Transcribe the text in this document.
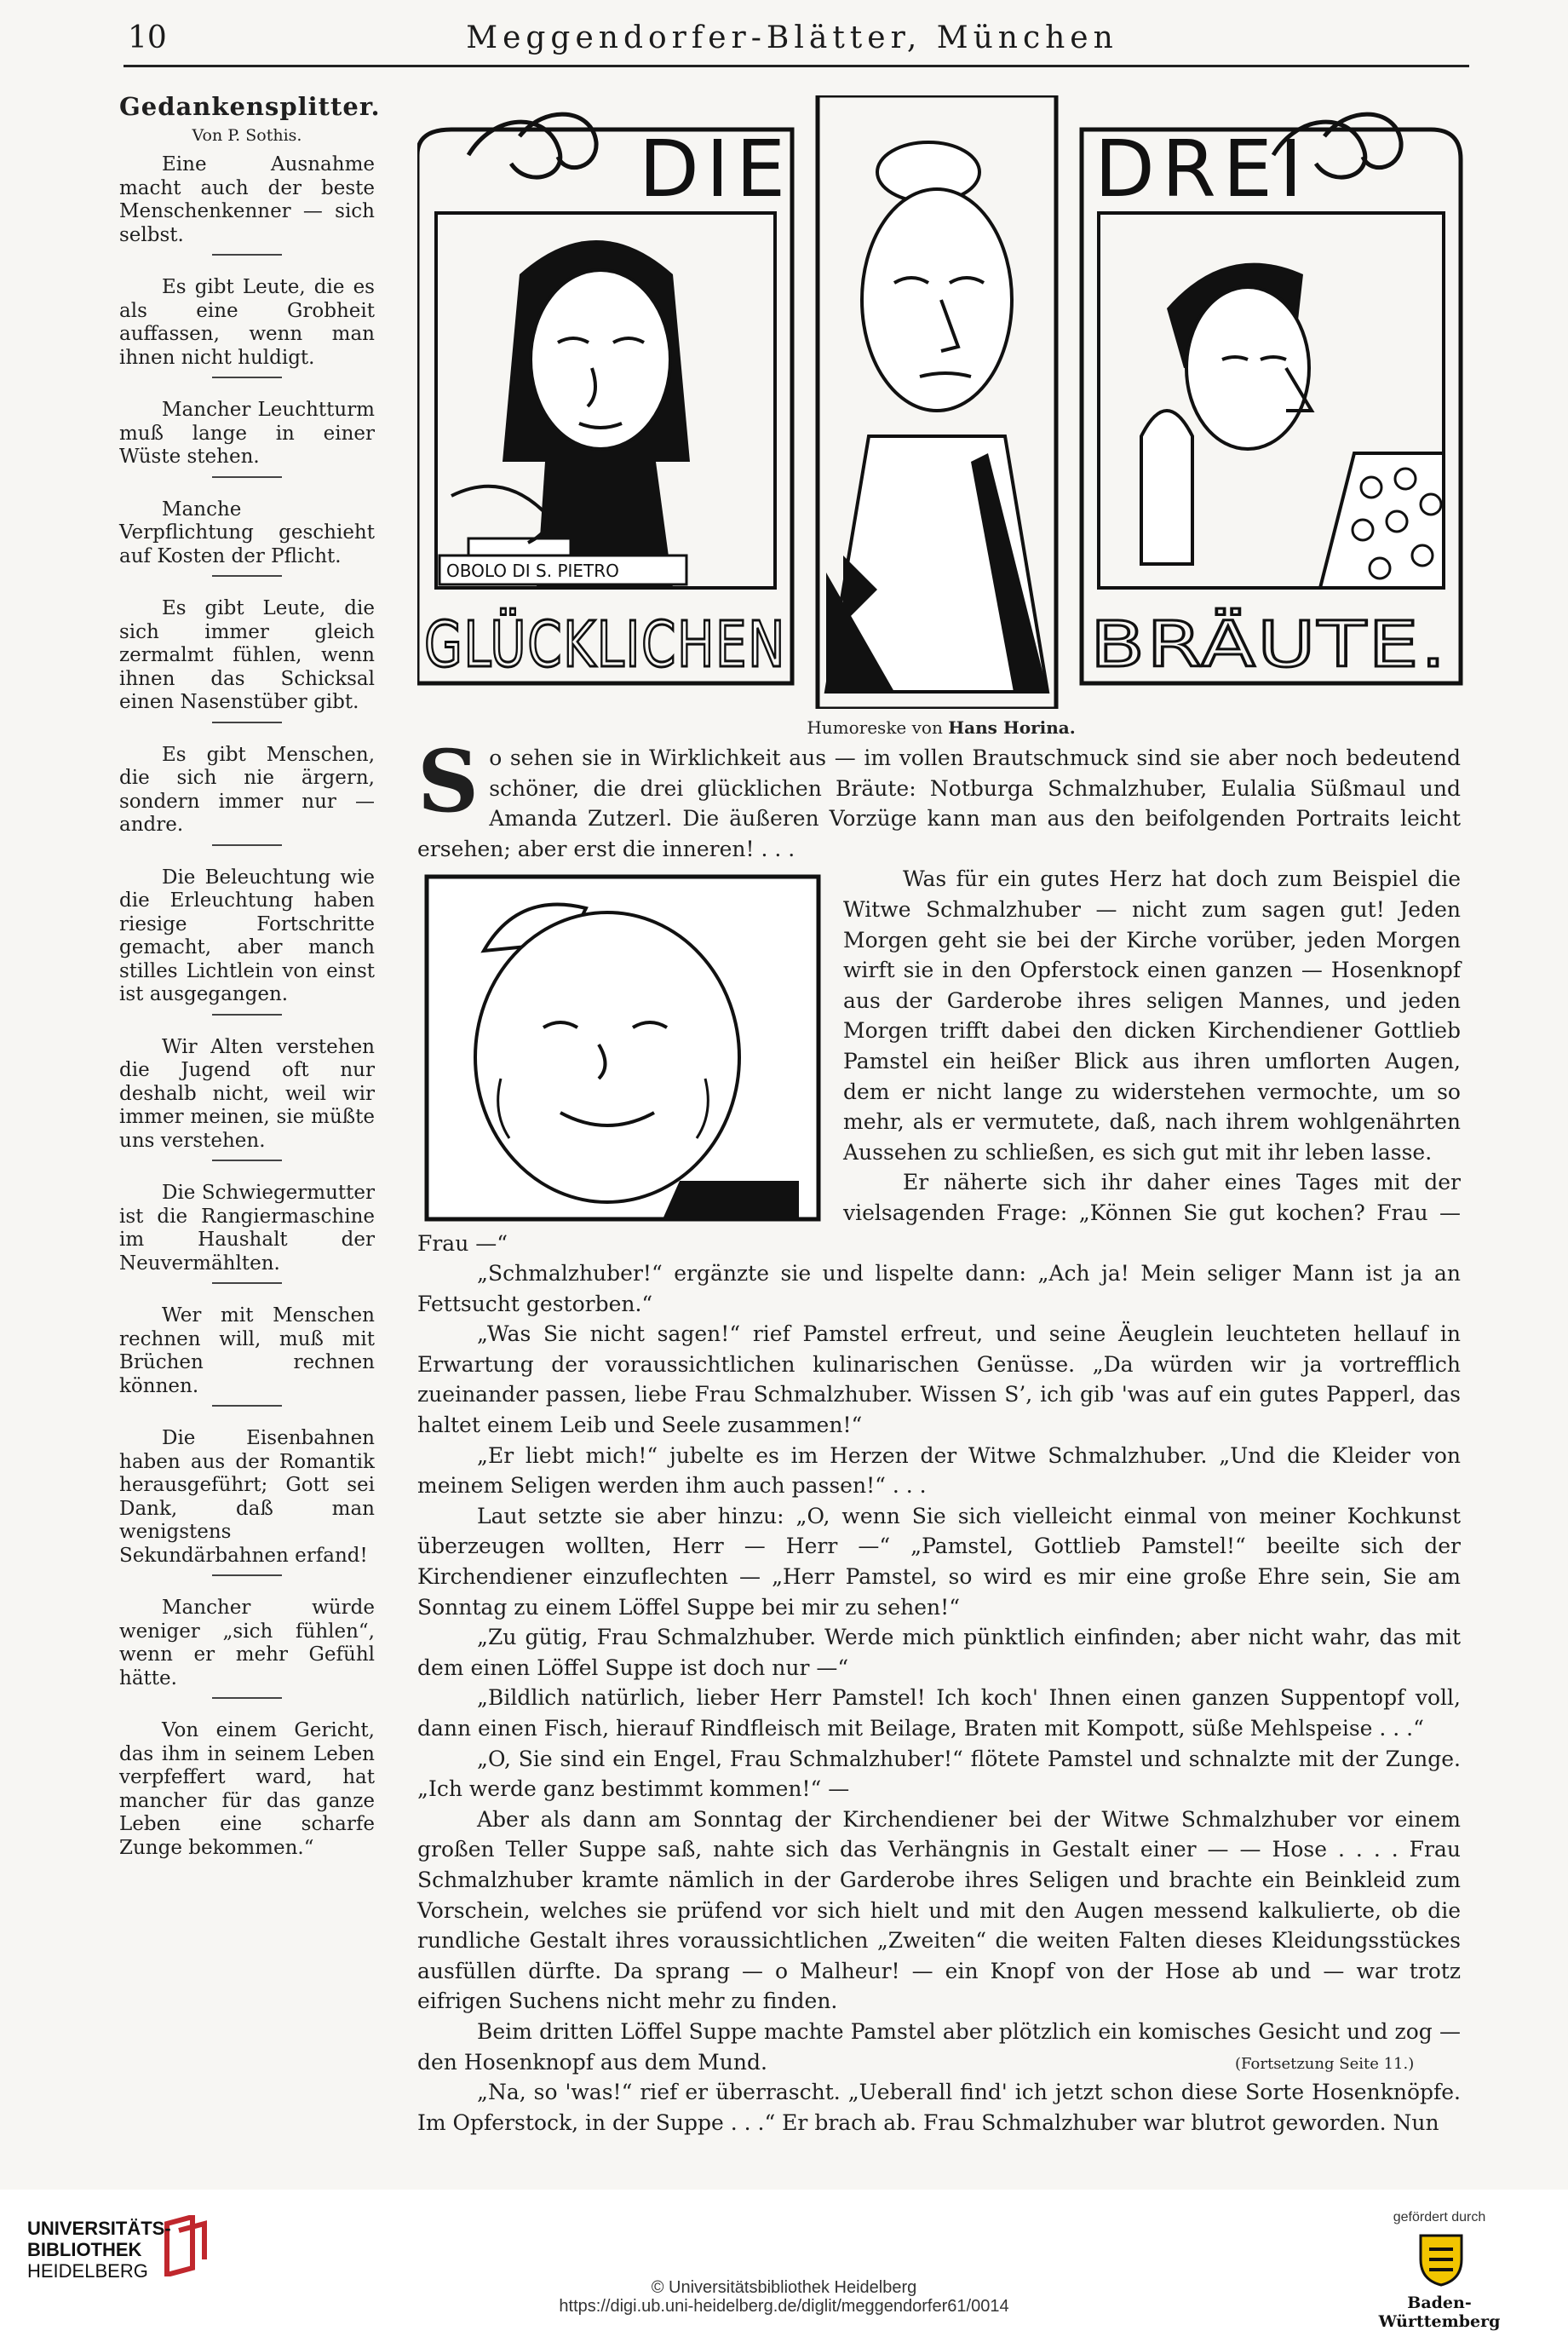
10	Meggendorfer-Blätter, München
Gedankensplitter.
Von P. Sothis.

Eine Ausnahme macht auch der beste Menschenkenner — sich selbst.

Es gibt Leute, die es als eine Grobheit auffassen, wenn man ihnen nicht huldigt.

Mancher Leuchtturm muß lange in einer Wüste stehen.

Manche Verpflichtung geschieht auf Kosten der Pflicht.

Es gibt Leute, die sich immer gleich zermalmt fühlen, wenn ihnen das Schicksal einen Nasenstüber gibt.

Es gibt Menschen, die sich nie ärgern, sondern immer nur — andre.

Die Beleuchtung wie die Erleuchtung haben riesige Fortschritte gemacht, aber manch stilles Lichtlein von einst ist ausgegangen.

Wir Alten verstehen die Jugend oft nur deshalb nicht, weil wir immer meinen, sie müßte uns verstehen.

Die Schwiegermutter ist die Rangiermaschine im Haushalt der Neuvermählten.

Wer mit Menschen rechnen will, muß mit Brüchen rechnen können.

Die Eisenbahnen haben aus der Romantik herausgeführt; Gott sei Dank, daß man wenigstens Sekundärbahnen erfand!

Mancher würde weniger „sich fühlen“, wenn er mehr Gefühl hätte.

Von einem Gericht, das ihm in seinem Leben verpfeffert ward, hat mancher für das ganze Leben eine scharfe Zunge bekommen.“

DIE	DREI
GLÜCKLICHEN	BRÄUTE.
OBOLO DI S. PIETRO
Humoreske von Hans Horina.

S o sehen sie in Wirklichkeit aus — im vollen Brautschmuck sind sie aber noch bedeutend schöner, die drei glücklichen Bräute: Notburga Schmalzhuber, Eulalia Süßmaul und Amanda Zutzerl. Die äußeren Vorzüge kann man aus den beifolgenden Portraits leicht ersehen; aber erst die inneren! . . .

Was für ein gutes Herz hat doch zum Beispiel die Witwe Schmalzhuber — nicht zum sagen gut! Jeden Morgen geht sie bei der Kirche vorüber, jeden Morgen wirft sie in den Opferstock einen ganzen — Hosenknopf aus der Garderobe ihres seligen Mannes, und jeden Morgen trifft dabei den dicken Kirchendiener Gottlieb Pamstel ein heißer Blick aus ihren umflorten Augen, dem er nicht lange zu widerstehen vermochte, um so mehr, als er vermutete, daß, nach ihrem wohlgenährten Aussehen zu schließen, es sich gut mit ihr leben lasse.

Er näherte sich ihr daher eines Tages mit der vielsagenden Frage: „Können Sie gut kochen? Frau — Frau —“

„Schmalzhuber!“ ergänzte sie und lispelte dann: „Ach ja! Mein seliger Mann ist ja an Fettsucht gestorben.“

„Was Sie nicht sagen!“ rief Pamstel erfreut, und seine Äeuglein leuchteten hellauf in Erwartung der voraussichtlichen kulinarischen Genüsse. „Da würden wir ja vortrefflich zueinander passen, liebe Frau Schmalzhuber. Wissen S’, ich gib 'was auf ein gutes Papperl, das haltet einem Leib und Seele zusammen!“

„Er liebt mich!“ jubelte es im Herzen der Witwe Schmalzhuber. „Und die Kleider von meinem Seligen werden ihm auch passen!“ . . .

Laut setzte sie aber hinzu: „O, wenn Sie sich vielleicht einmal von meiner Kochkunst überzeugen wollten, Herr — Herr —“ „Pamstel, Gottlieb Pamstel!“ beeilte sich der Kirchendiener einzuflechten — „Herr Pamstel, so wird es mir eine große Ehre sein, Sie am Sonntag zu einem Löffel Suppe bei mir zu sehen!“

„Zu gütig, Frau Schmalzhuber. Werde mich pünktlich einfinden; aber nicht wahr, das mit dem einen Löffel Suppe ist doch nur —“

„Bildlich natürlich, lieber Herr Pamstel! Ich koch' Ihnen einen ganzen Suppentopf voll, dann einen Fisch, hierauf Rindfleisch mit Beilage, Braten mit Kompott, süße Mehlspeise . . .“

„O, Sie sind ein Engel, Frau Schmalzhuber!“ flötete Pamstel und schnalzte mit der Zunge. „Ich werde ganz bestimmt kommen!“ —

Aber als dann am Sonntag der Kirchendiener bei der Witwe Schmalzhuber vor einem großen Teller Suppe saß, nahte sich das Verhängnis in Gestalt einer — — Hose . . . . Frau Schmalzhuber kramte nämlich in der Garderobe ihres Seligen und brachte ein Beinkleid zum Vorschein, welches sie prüfend vor sich hielt und mit den Augen messend kalkulierte, ob die rundliche Gestalt ihres voraussichtlichen „Zweiten“ die weiten Falten dieses Kleidungsstückes ausfüllen dürfte. Da sprang — o Malheur! — ein Knopf von der Hose ab und — war trotz eifrigen Suchens nicht mehr zu finden.

Beim dritten Löffel Suppe machte Pamstel aber plötzlich ein komisches Gesicht und zog — den Hosenknopf aus dem Mund.

„Na, so 'was!“ rief er überrascht. „Ueberall find' ich jetzt schon diese Sorte Hosenknöpfe. Im Opferstock, in der Suppe . . .“ Er brach ab. Frau Schmalzhuber war blutrot geworden. Nun

(Fortsetzung Seite 11.)
UNIVERSITÄTS-
BIBLIOTHEK
HEIDELBERG
© Universitätsbibliothek Heidelberg
https://digi.ub.uni-heidelberg.de/diglit/meggendorfer61/0014
gefördert durch
Baden-Württemberg
